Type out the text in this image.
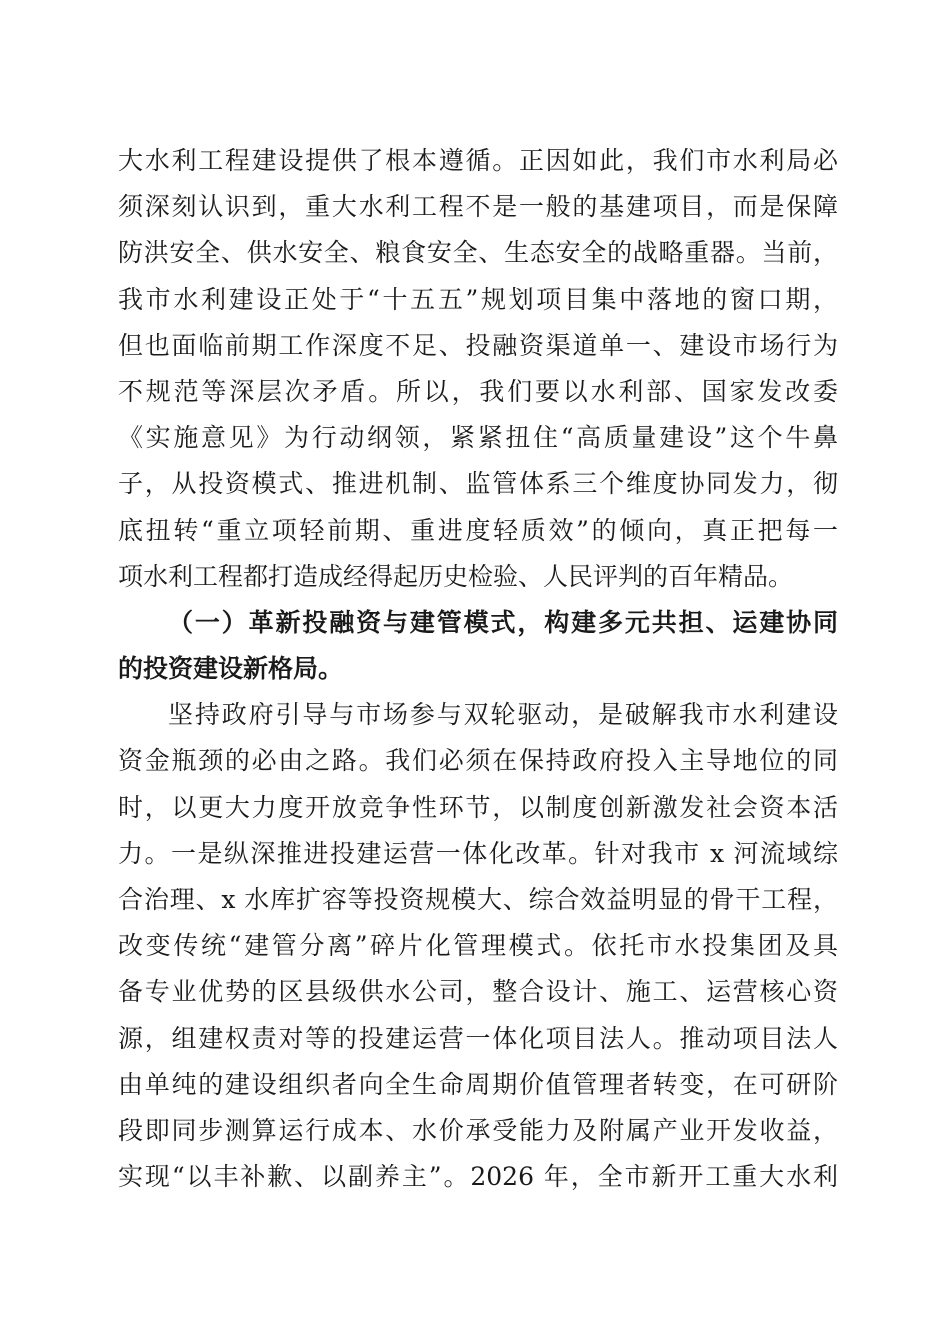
大水利工程建设提供了根本遵循。正因如此，我们市水利局必
须深刻认识到，重大水利工程不是一般的基建项目，而是保障
防洪安全、供水安全、粮食安全、生态安全的战略重器。当前，
我市水利建设正处于“十五五”规划项目集中落地的窗口期，
但也面临前期工作深度不足、投融资渠道单一、建设市场行为
不规范等深层次矛盾。所以，我们要以水利部、国家发改委
《实施意见》为行动纲领，紧紧扭住“高质量建设”这个牛鼻
子，从投资模式、推进机制、监管体系三个维度协同发力，彻
底扭转“重立项轻前期、重进度轻质效”的倾向，真正把每一
项水利工程都打造成经得起历史检验、人民评判的百年精品。
（一）革新投融资与建管模式，构建多元共担、运建协同
的投资建设新格局。
坚持政府引导与市场参与双轮驱动，是破解我市水利建设
资金瓶颈的必由之路。我们必须在保持政府投入主导地位的同
时，以更大力度开放竞争性环节，以制度创新激发社会资本活
力。一是纵深推进投建运营一体化改革。针对我市 x 河流域综
合治理、x 水库扩容等投资规模大、综合效益明显的骨干工程，
改变传统“建管分离”碎片化管理模式。依托市水投集团及具
备专业优势的区县级供水公司，整合设计、施工、运营核心资
源，组建权责对等的投建运营一体化项目法人。推动项目法人
由单纯的建设组织者向全生命周期价值管理者转变，在可研阶
段即同步测算运行成本、水价承受能力及附属产业开发收益，
实现“以丰补歉、以副养主”。2026 年，全市新开工重大水利
